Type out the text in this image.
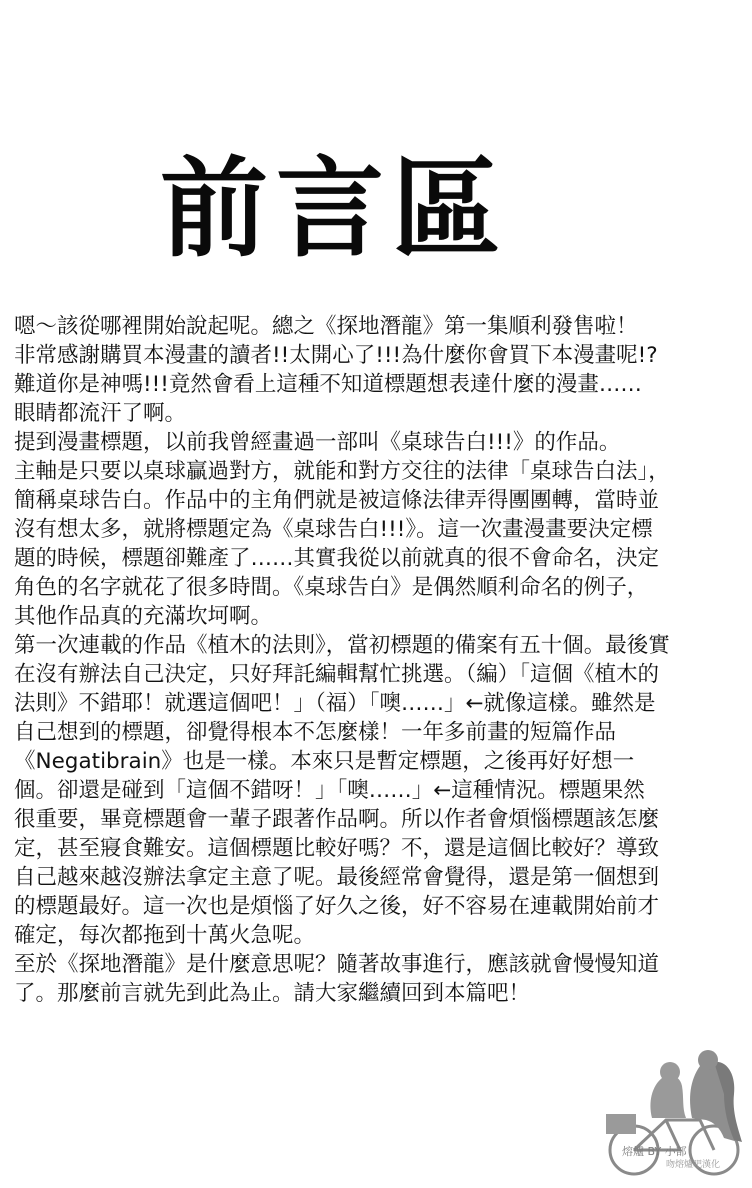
前言區
嗯～該從哪裡開始說起呢。總之《探地潛龍》第一集順利發售啦！
非常感謝購買本漫畫的讀者!!太開心了!!!為什麼你會買下本漫畫呢!?
難道你是神嗎!!!竟然會看上這種不知道標題想表達什麼的漫畫……
眼睛都流汗了啊。
提到漫畫標題，以前我曾經畫過一部叫《桌球告白!!!》的作品。
主軸是只要以桌球贏過對方，就能和對方交往的法律「桌球告白法」，
簡稱桌球告白。作品中的主角們就是被這條法律弄得團團轉，當時並
沒有想太多，就將標題定為《桌球告白!!!》。這一次畫漫畫要決定標
題的時候，標題卻難產了……其實我從以前就真的很不會命名，決定
角色的名字就花了很多時間。《桌球告白》是偶然順利命名的例子，
其他作品真的充滿坎坷啊。
第一次連載的作品《植木的法則》，當初標題的備案有五十個。最後實
在沒有辦法自己決定，只好拜託編輯幫忙挑選。（編）「這個《植木的
法則》不錯耶！就選這個吧！」（福）「噢……」←就像這樣。雖然是
自己想到的標題，卻覺得根本不怎麼樣！一年多前畫的短篇作品
《Negatibrain》也是一樣。本來只是暫定標題，之後再好好想一
個。卻還是碰到「這個不錯呀！」「噢……」←這種情況。標題果然
很重要，畢竟標題會一輩子跟著作品啊。所以作者會煩惱標題該怎麼
定，甚至寢食難安。這個標題比較好嗎？不，還是這個比較好？導致
自己越來越沒辦法拿定主意了呢。最後經常會覺得，還是第一個想到
的標題最好。這一次也是煩惱了好久之後，好不容易在連載開始前才
確定，每次都拖到十萬火急呢。
至於《探地潛龍》是什麼意思呢？隨著故事進行，應該就會慢慢知道
了。那麼前言就先到此為止。請大家繼續回到本篇吧！
熔爐 BY 小部
吻熔爐吧漢化
